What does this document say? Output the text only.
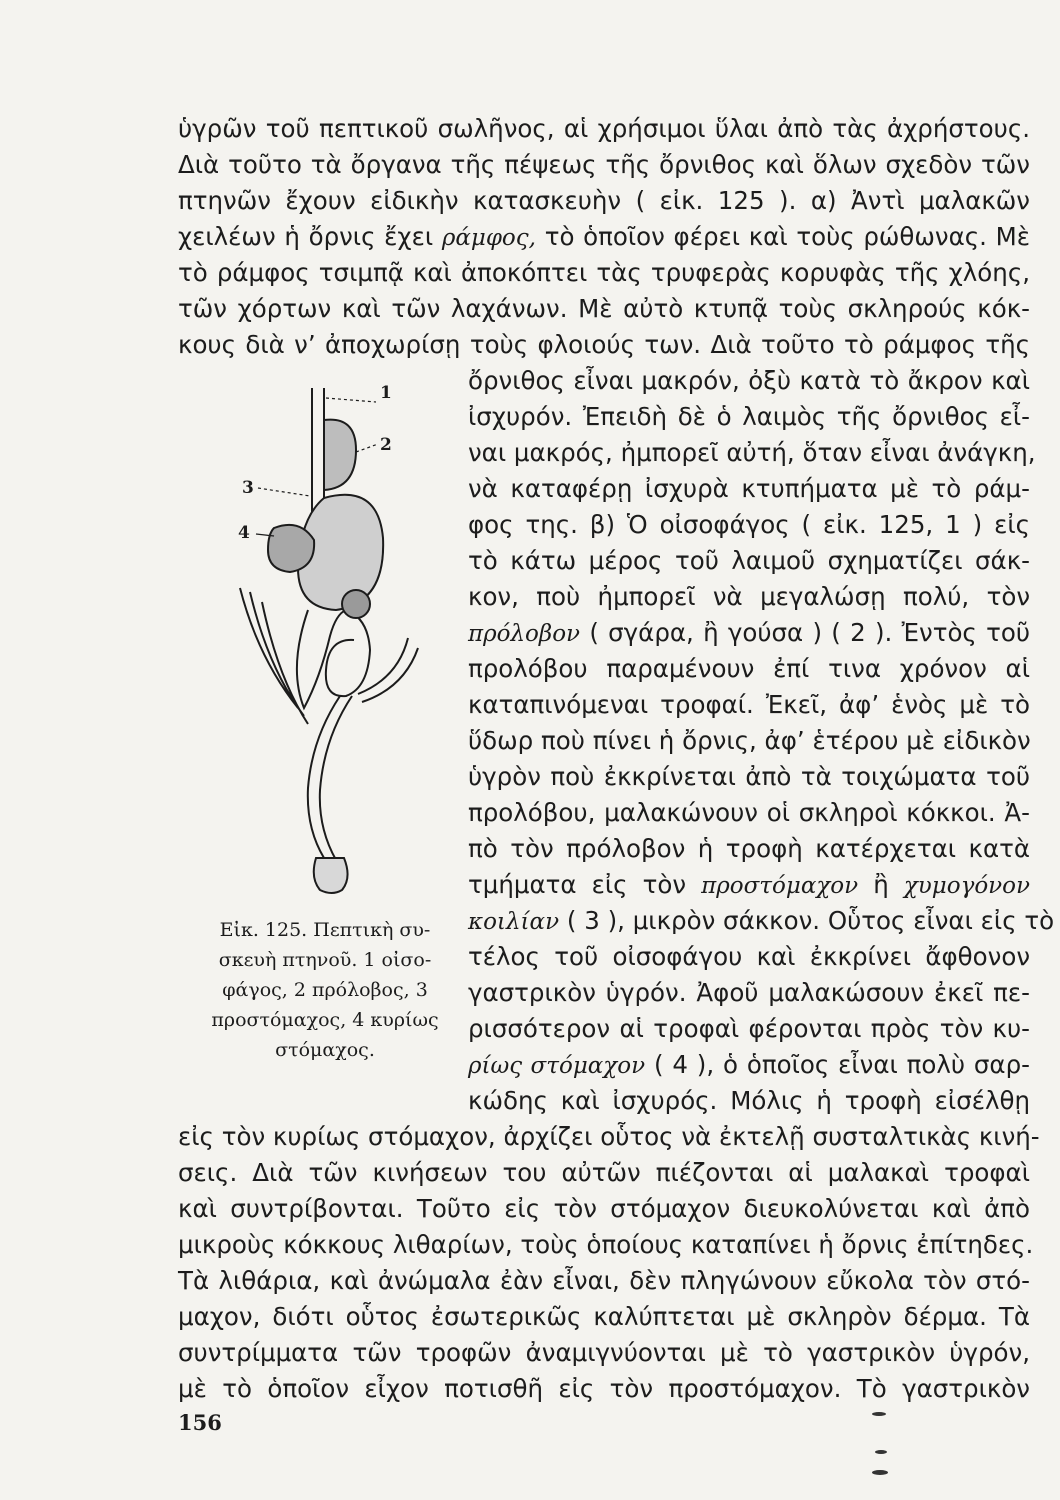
ὑγρῶν τοῦ πεπτικοῦ σωλῆνος, αἱ χρήσιμοι ὕλαι ἀπὸ τὰς ἀχρήστους.
Διὰ τοῦτο τὰ ὄργανα τῆς πέψεως τῆς ὄρνιθος καὶ ὅλων σχεδὸν τῶν
πτηνῶν ἔχουν εἰδικὴν κατασκευὴν ( εἰκ. 125 ). α) Ἀντὶ μαλακῶν
χειλέων ἡ ὄρνις ἔχει ράμφος, τὸ ὁποῖον φέρει καὶ τοὺς ρώθωνας. Μὲ
τὸ ράμφος τσιμπᾷ καὶ ἀποκόπτει τὰς τρυφερὰς κορυφὰς τῆς χλόης,
τῶν χόρτων καὶ τῶν λαχάνων. Μὲ αὐτὸ κτυπᾷ τοὺς σκληρούς κόκ-
κους διὰ ν’ ἀποχωρίσῃ τοὺς φλοιούς των. Διὰ τοῦτο τὸ ράμφος τῆς
ὄρνιθος εἶναι μακρόν, ὀξὺ κατὰ τὸ ἄκρον καὶ
ἰσχυρόν. Ἐπειδὴ δὲ ὁ λαιμὸς τῆς ὄρνιθος εἶ-
ναι μακρός, ἠμπορεῖ αὐτή, ὅταν εἶναι ἀνάγκη,
νὰ καταφέρῃ ἰσχυρὰ κτυπήματα μὲ τὸ ράμ-
φος της. β) Ὁ οἰσοφάγος ( εἰκ. 125, 1 ) εἰς
τὸ κάτω μέρος τοῦ λαιμοῦ σχηματίζει σάκ-
κον, ποὺ ἠμπορεῖ νὰ μεγαλώσῃ πολύ, τὸν
πρόλοβον ( σγάρα, ἢ γούσα ) ( 2 ). Ἐντὸς τοῦ
προλόβου παραμένουν ἐπί τινα χρόνον αἱ
καταπινόμεναι τροφαί. Ἐκεῖ, ἀφ’ ἑνὸς μὲ τὸ
ὕδωρ ποὺ πίνει ἡ ὄρνις, ἀφ’ ἑτέρου μὲ εἰδικὸν
ὑγρὸν ποὺ ἐκκρίνεται ἀπὸ τὰ τοιχώματα τοῦ
προλόβου, μαλακώνουν οἱ σκληροὶ κόκκοι. Ἀ-
πὸ τὸν πρόλοβον ἡ τροφὴ κατέρχεται κατὰ
τμήματα εἰς τὸν προστόμαχον ἢ χυμογόνον
κοιλίαν ( 3 ), μικρὸν σάκκον. Οὗτος εἶναι εἰς τὸ
τέλος τοῦ οἰσοφάγου καὶ ἐκκρίνει ἄφθονον
γαστρικὸν ὑγρόν. Ἀφοῦ μαλακώσουν ἐκεῖ πε-
ρισσότερον αἱ τροφαὶ φέρονται πρὸς τὸν κυ-
ρίως στόμαχον ( 4 ), ὁ ὁποῖος εἶναι πολὺ σαρ-
κώδης καὶ ἰσχυρός. Μόλις ἡ τροφὴ εἰσέλθῃ
εἰς τὸν κυρίως στόμαχον, ἀρχίζει οὗτος νὰ ἐκτελῇ συσταλτικὰς κινή-
σεις. Διὰ τῶν κινήσεων του αὐτῶν πιέζονται αἱ μαλακαὶ τροφαὶ
καὶ συντρίβονται. Τοῦτο εἰς τὸν στόμαχον διευκολύνεται καὶ ἀπὸ
μικροὺς κόκκους λιθαρίων, τοὺς ὁποίους καταπίνει ἡ ὄρνις ἐπίτηδες.
Τὰ λιθάρια, καὶ ἀνώμαλα ἐὰν εἶναι, δὲν πληγώνουν εὔκολα τὸν στό-
μαχον, διότι οὗτος ἐσωτερικῶς καλύπτεται μὲ σκληρὸν δέρμα. Τὰ
συντρίμματα τῶν τροφῶν ἀναμιγνύονται μὲ τὸ γαστρικὸν ὑγρόν,
μὲ τὸ ὁποῖον εἶχον ποτισθῆ εἰς τὸν προστόμαχον. Τὸ γαστρικὸν
1
2
3
4
Εἰκ. 125. Πεπτικὴ συ-
σκευὴ πτηνοῦ. 1 οἰσο-
φάγος, 2 πρόλοβος, 3
προστόμαχος, 4 κυρίως
στόμαχος.
156
